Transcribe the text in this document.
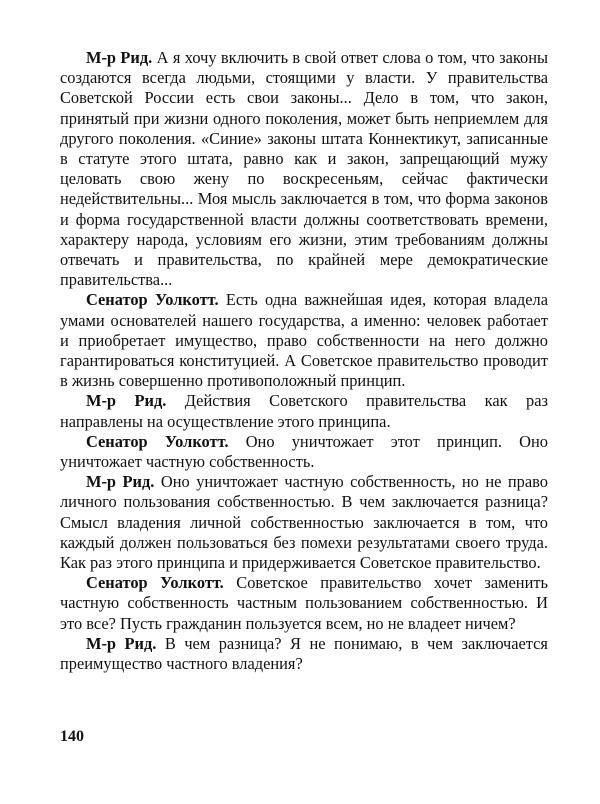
М-р Рид. А я хочу включить в свой ответ слова о том, что законы создаются всегда людьми, стоящими у власти. У правительства Советской России есть свои законы... Дело в том, что закон, принятый при жизни одного поколения, может быть неприемлем для другого поколения. «Синие» законы штата Коннектикут, записанные в статуте этого штата, равно как и закон, запрещающий мужу целовать свою жену по воскресеньям, сейчас фактически недействительны... Моя мысль заключается в том, что форма законов и форма государственной власти должны соответствовать времени, характеру народа, условиям его жизни, этим требованиям должны отвечать и правительства, по крайней мере демократические правительства...

Сенатор Уолкотт. Есть одна важнейшая идея, которая владела умами основателей нашего государства, а именно: человек работает и приобретает имущество, право собственности на него должно гарантироваться конституцией. А Советское правительство проводит в жизнь совершенно противоположный принцип.

М-р Рид. Действия Советского правительства как раз направлены на осуществление этого принципа.

Сенатор Уолкотт. Оно уничтожает этот принцип. Оно уничтожает частную собственность.

М-р Рид. Оно уничтожает частную собственность, но не право личного пользования собственностью. В чем заключается разница? Смысл владения личной собственностью заключается в том, что каждый должен пользоваться без помехи результатами своего труда. Как раз этого принципа и придерживается Советское правительство.

Сенатор Уолкотт. Советское правительство хочет заменить частную собственность частным пользованием собственностью. И это все? Пусть гражданин пользуется всем, но не владеет ничем?

М-р Рид. В чем разница? Я не понимаю, в чем заключается преимущество частного владения?

140
